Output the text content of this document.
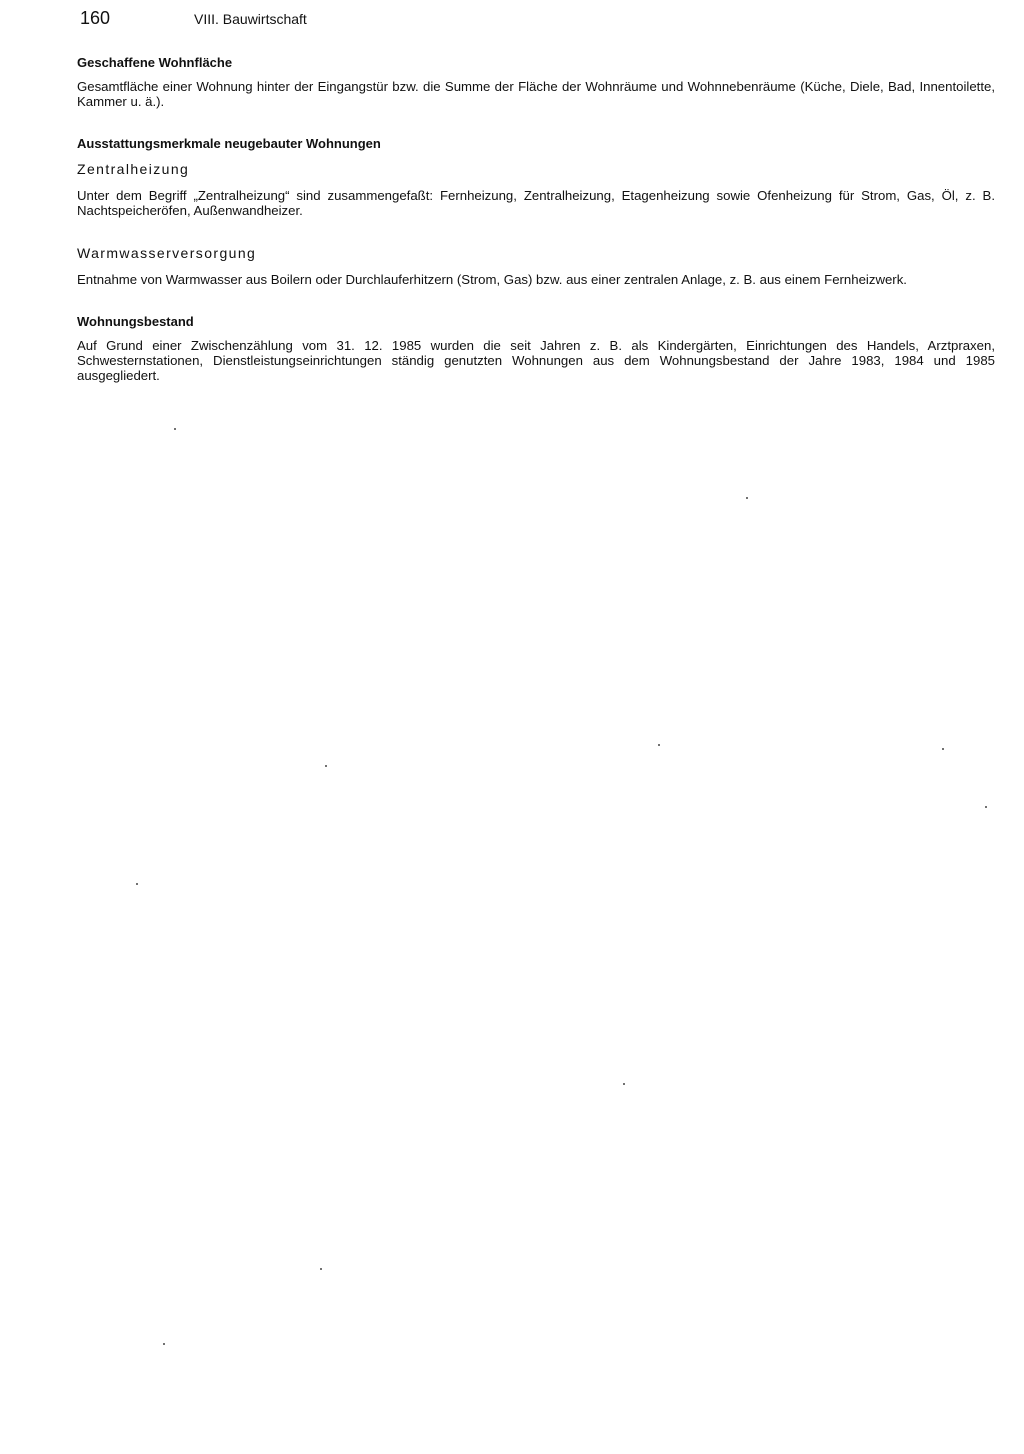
160	VIII. Bauwirtschaft
Geschaffene Wohnfläche

Gesamtfläche einer Wohnung hinter der Eingangstür bzw. die Summe der Fläche der Wohnräume und Wohnnebenräume (Küche, Diele, Bad, Innentoilette, Kammer u. ä.).

Ausstattungsmerkmale neugebauter Wohnungen
Zentralheizung

Unter dem Begriff „Zentralheizung“ sind zusammengefaßt: Fernheizung, Zentralheizung, Etagenheizung sowie Ofenheizung für Strom, Gas, Öl, z. B. Nachtspeicheröfen, Außenwandheizer.

Warmwasserversorgung

Entnahme von Warmwasser aus Boilern oder Durchlauferhitzern (Strom, Gas) bzw. aus einer zentralen Anlage, z. B. aus einem Fernheizwerk.

Wohnungsbestand

Auf Grund einer Zwischenzählung vom 31. 12. 1985 wurden die seit Jahren z. B. als Kindergärten, Einrichtungen des Handels, Arztpraxen, Schwesternstationen, Dienstleistungseinrichtungen ständig genutzten Wohnungen aus dem Wohnungsbestand der Jahre 1983, 1984 und 1985 ausgegliedert.
